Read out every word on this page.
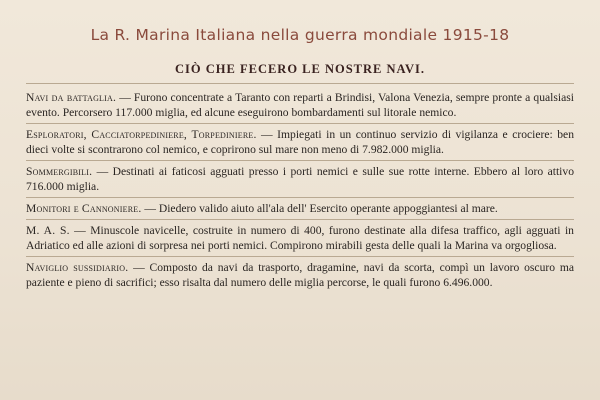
La R. Marina Italiana nella guerra mondiale 1915-18
CIÒ CHE FECERO LE NOSTRE NAVI.

Navi da battaglia. — Furono concentrate a Taranto con reparti a Brindisi, Valona Venezia, sempre pronte a qualsiasi evento. Percorsero 117.000 miglia, ed alcune eseguirono bombardamenti sul litorale nemico.

Esploratori, Cacciatorpediniere, Torpediniere. — Impiegati in un continuo servizio di vigilanza e crociere: ben dieci volte si scontrarono col nemico, e coprirono sul mare non meno di 7.982.000 miglia.

Sommergibili. — Destinati ai faticosi agguati presso i porti nemici e sulle sue rotte interne. Ebbero al loro attivo 716.000 miglia.

Monitori e Cannoniere. — Diedero valido aiuto all'ala dell' Esercito operante appoggiantesi al mare.

M. A. S. — Minuscole navicelle, costruite in numero di 400, furono destinate alla difesa traffico, agli agguati in Adriatico ed alle azioni di sorpresa nei porti nemici. Compirono mirabili gesta delle quali la Marina va orgogliosa.

Naviglio sussidiario. — Composto da navi da trasporto, dragamine, navi da scorta, compì un lavoro oscuro ma paziente e pieno di sacrifici; esso risalta dal numero delle miglia percorse, le quali furono 6.496.000.
